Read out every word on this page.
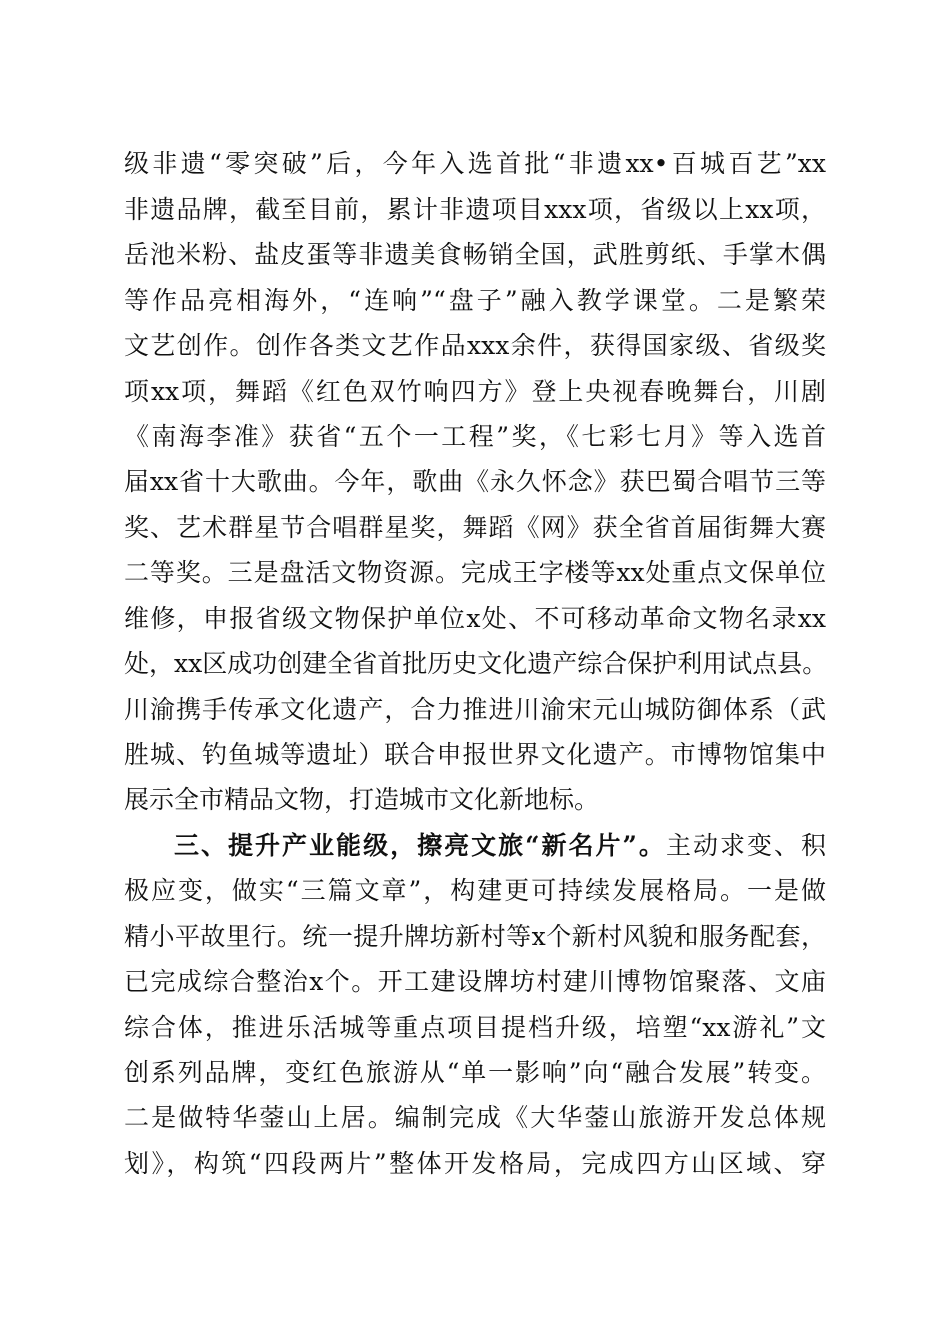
级非遗“零突破”后，今年入选首批“非遗xx•百城百艺”xx
非遗品牌，截至目前，累计非遗项目xxx项，省级以上xx项，
岳池米粉、盐皮蛋等非遗美食畅销全国，武胜剪纸、手掌木偶
等作品亮相海外，“连响”“盘子”融入教学课堂。二是繁荣
文艺创作。创作各类文艺作品xxx余件，获得国家级、省级奖
项xx项，舞蹈《红色双竹响四方》登上央视春晚舞台，川剧
《南海李准》获省“五个一工程”奖，《七彩七月》等入选首
届xx省十大歌曲。今年，歌曲《永久怀念》获巴蜀合唱节三等
奖、艺术群星节合唱群星奖，舞蹈《网》获全省首届街舞大赛
二等奖。三是盘活文物资源。完成王字楼等xx处重点文保单位
维修，申报省级文物保护单位x处、不可移动革命文物名录xx
处，xx区成功创建全省首批历史文化遗产综合保护利用试点县。
川渝携手传承文化遗产，合力推进川渝宋元山城防御体系（武
胜城、钓鱼城等遗址）联合申报世界文化遗产。市博物馆集中
展示全市精品文物，打造城市文化新地标。
三、提升产业能级，擦亮文旅“新名片”。主动求变、积
极应变，做实“三篇文章”，构建更可持续发展格局。一是做
精小平故里行。统一提升牌坊新村等x个新村风貌和服务配套，
已完成综合整治x个。开工建设牌坊村建川博物馆聚落、文庙
综合体，推进乐活城等重点项目提档升级，培塑“xx游礼”文
创系列品牌，变红色旅游从“单一影响”向“融合发展”转变。
二是做特华蓥山上居。编制完成《大华蓥山旅游开发总体规
划》，构筑“四段两片”整体开发格局，完成四方山区域、穿
